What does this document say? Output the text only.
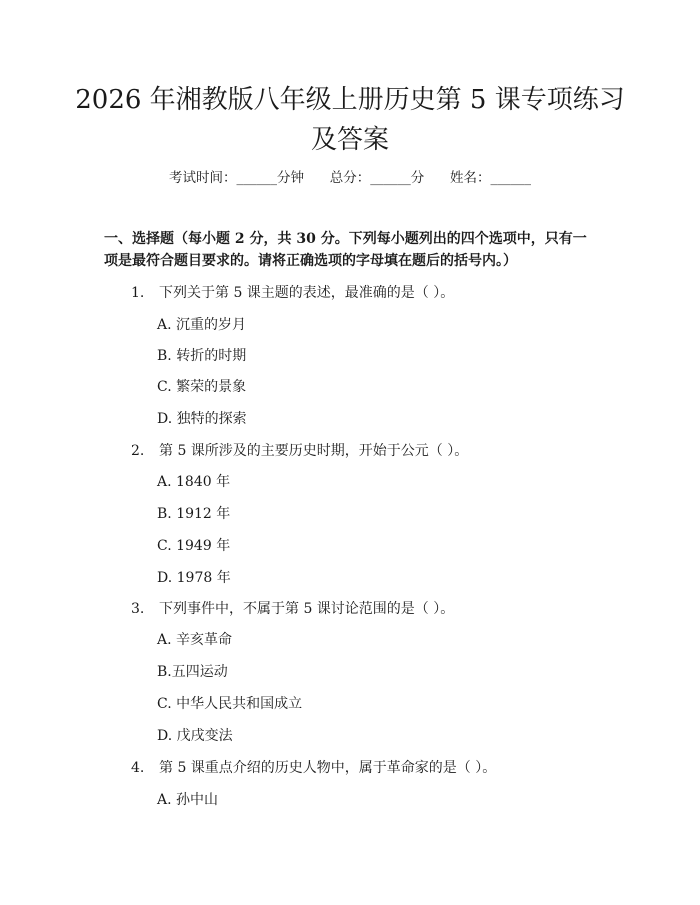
2026 年湘教版八年级上册历史第 5 课专项练习及答案
考试时间：______分钟      总分：______分      姓名：______

一、选择题（每小题 2 分，共 30 分。下列每小题列出的四个选项中，只有一项是最符合题目要求的。请将正确选项的字母填在题后的括号内。）

1. 下列关于第 5 课主题的表述，最准确的是（ ）。
A. 沉重的岁月
B. 转折的时期
C. 繁荣的景象
D. 独特的探索
2. 第 5 课所涉及的主要历史时期，开始于公元（ ）。
A. 1840 年
B. 1912 年
C. 1949 年
D. 1978 年
3. 下列事件中，不属于第 5 课讨论范围的是（ ）。
A. 辛亥革命
B.五四运动
C. 中华人民共和国成立
D. 戊戌变法
4. 第 5 课重点介绍的历史人物中，属于革命家的是（ ）。
A. 孙中山
